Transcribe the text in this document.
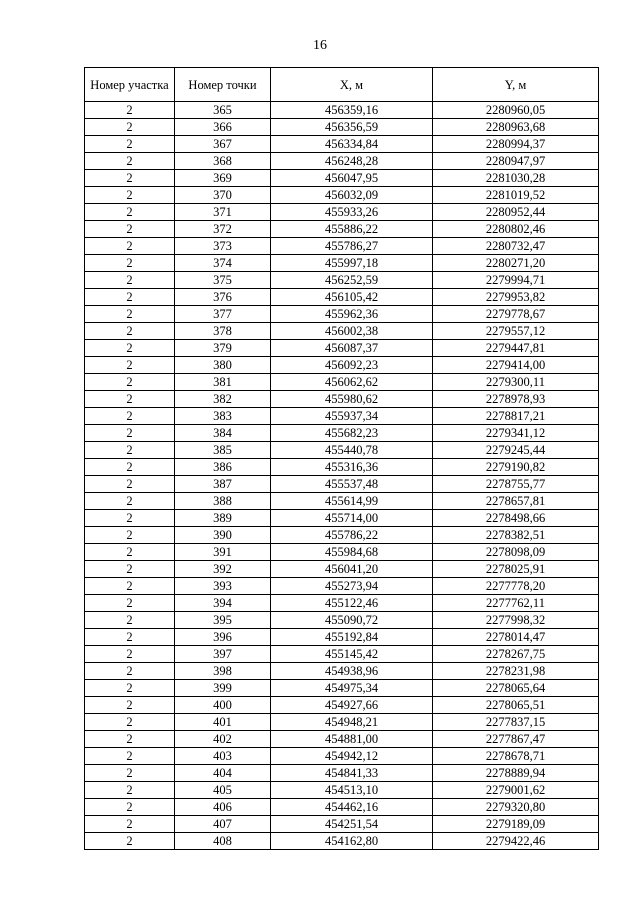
16
Номер участка	Номер точки	X, м	Y, м
2	365	456359,16	2280960,05
2	366	456356,59	2280963,68
2	367	456334,84	2280994,37
2	368	456248,28	2280947,97
2	369	456047,95	2281030,28
2	370	456032,09	2281019,52
2	371	455933,26	2280952,44
2	372	455886,22	2280802,46
2	373	455786,27	2280732,47
2	374	455997,18	2280271,20
2	375	456252,59	2279994,71
2	376	456105,42	2279953,82
2	377	455962,36	2279778,67
2	378	456002,38	2279557,12
2	379	456087,37	2279447,81
2	380	456092,23	2279414,00
2	381	456062,62	2279300,11
2	382	455980,62	2278978,93
2	383	455937,34	2278817,21
2	384	455682,23	2279341,12
2	385	455440,78	2279245,44
2	386	455316,36	2279190,82
2	387	455537,48	2278755,77
2	388	455614,99	2278657,81
2	389	455714,00	2278498,66
2	390	455786,22	2278382,51
2	391	455984,68	2278098,09
2	392	456041,20	2278025,91
2	393	455273,94	2277778,20
2	394	455122,46	2277762,11
2	395	455090,72	2277998,32
2	396	455192,84	2278014,47
2	397	455145,42	2278267,75
2	398	454938,96	2278231,98
2	399	454975,34	2278065,64
2	400	454927,66	2278065,51
2	401	454948,21	2277837,15
2	402	454881,00	2277867,47
2	403	454942,12	2278678,71
2	404	454841,33	2278889,94
2	405	454513,10	2279001,62
2	406	454462,16	2279320,80
2	407	454251,54	2279189,09
2	408	454162,80	2279422,46
